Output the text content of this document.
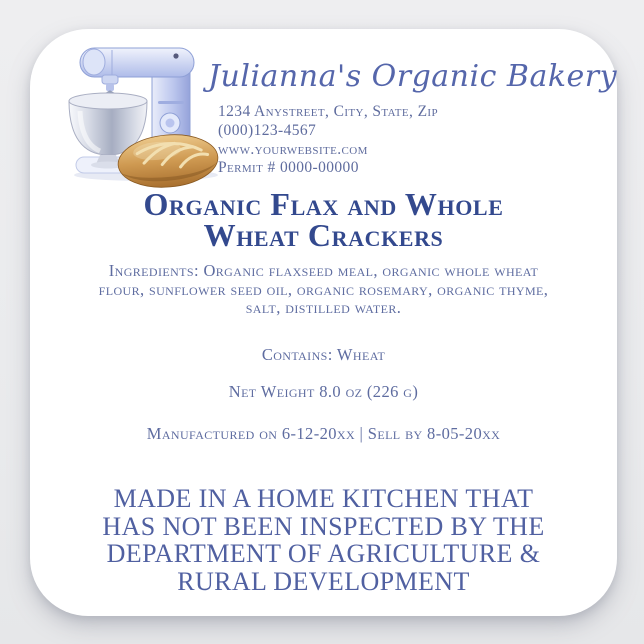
Julianna's Organic Bakery
1234 Anystreet, City, State, Zip
(000)123-4567
www.yourwebsite.com
Permit # 0000-00000
Organic Flax and Whole
Wheat Crackers
Ingredients: Organic flaxseed meal, organic whole wheat
flour, sunflower seed oil, organic rosemary, organic thyme,
salt, distilled water.
Contains: Wheat
Net Weight 8.0 oz (226 g)
Manufactured on 6-12-20xx | Sell by 8-05-20xx
MADE IN A HOME KITCHEN THAT
HAS NOT BEEN INSPECTED BY THE
DEPARTMENT OF AGRICULTURE &
RURAL DEVELOPMENT
